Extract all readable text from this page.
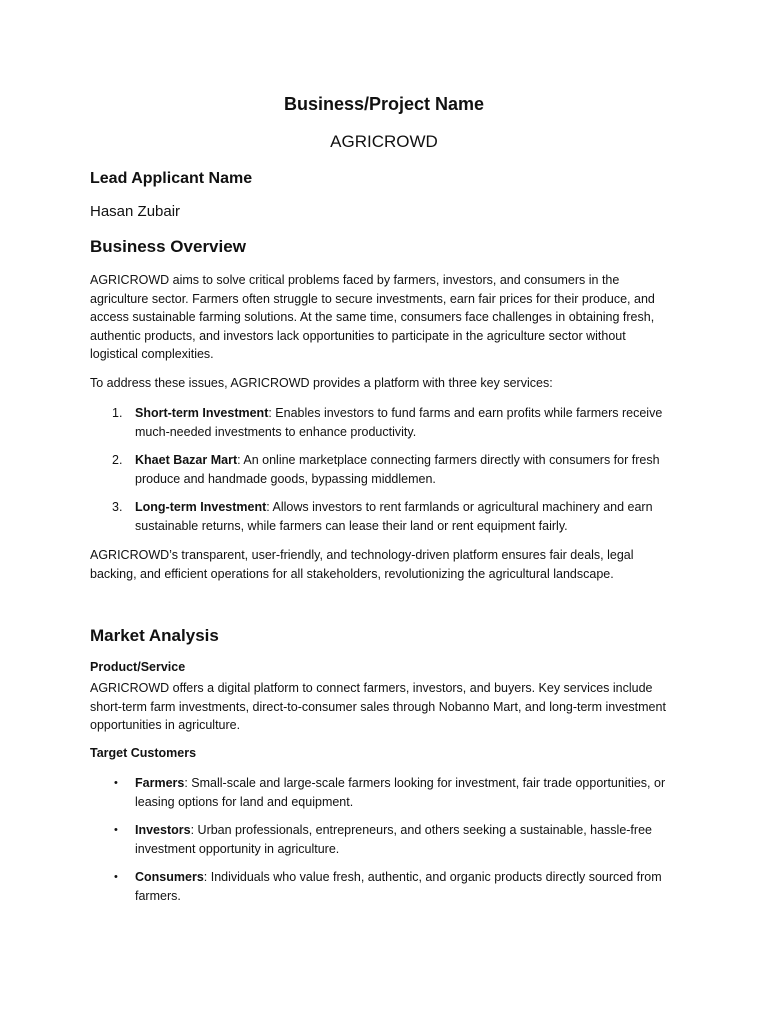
Business/Project Name
AGRICROWD
Lead Applicant Name
Hasan Zubair
Business Overview

AGRICROWD aims to solve critical problems faced by farmers, investors, and consumers in the agriculture sector. Farmers often struggle to secure investments, earn fair prices for their produce, and access sustainable farming solutions. At the same time, consumers face challenges in obtaining fresh, authentic products, and investors lack opportunities to participate in the agriculture sector without logistical complexities.

To address these issues, AGRICROWD provides a platform with three key services:

1. Short-term Investment: Enables investors to fund farms and earn profits while farmers receive much-needed investments to enhance productivity.
2. Khaet Bazar Mart: An online marketplace connecting farmers directly with consumers for fresh produce and handmade goods, bypassing middlemen.
3. Long-term Investment: Allows investors to rent farmlands or agricultural machinery and earn sustainable returns, while farmers can lease their land or rent equipment fairly.

AGRICROWD’s transparent, user-friendly, and technology-driven platform ensures fair deals, legal backing, and efficient operations for all stakeholders, revolutionizing the agricultural landscape.

Market Analysis
Product/Service

AGRICROWD offers a digital platform to connect farmers, investors, and buyers. Key services include short-term farm investments, direct-to-consumer sales through Nobanno Mart, and long-term investment opportunities in agriculture.

Target Customers
• Farmers: Small-scale and large-scale farmers looking for investment, fair trade opportunities, or leasing options for land and equipment.
• Investors: Urban professionals, entrepreneurs, and others seeking a sustainable, hassle-free investment opportunity in agriculture.
• Consumers: Individuals who value fresh, authentic, and organic products directly sourced from farmers.
